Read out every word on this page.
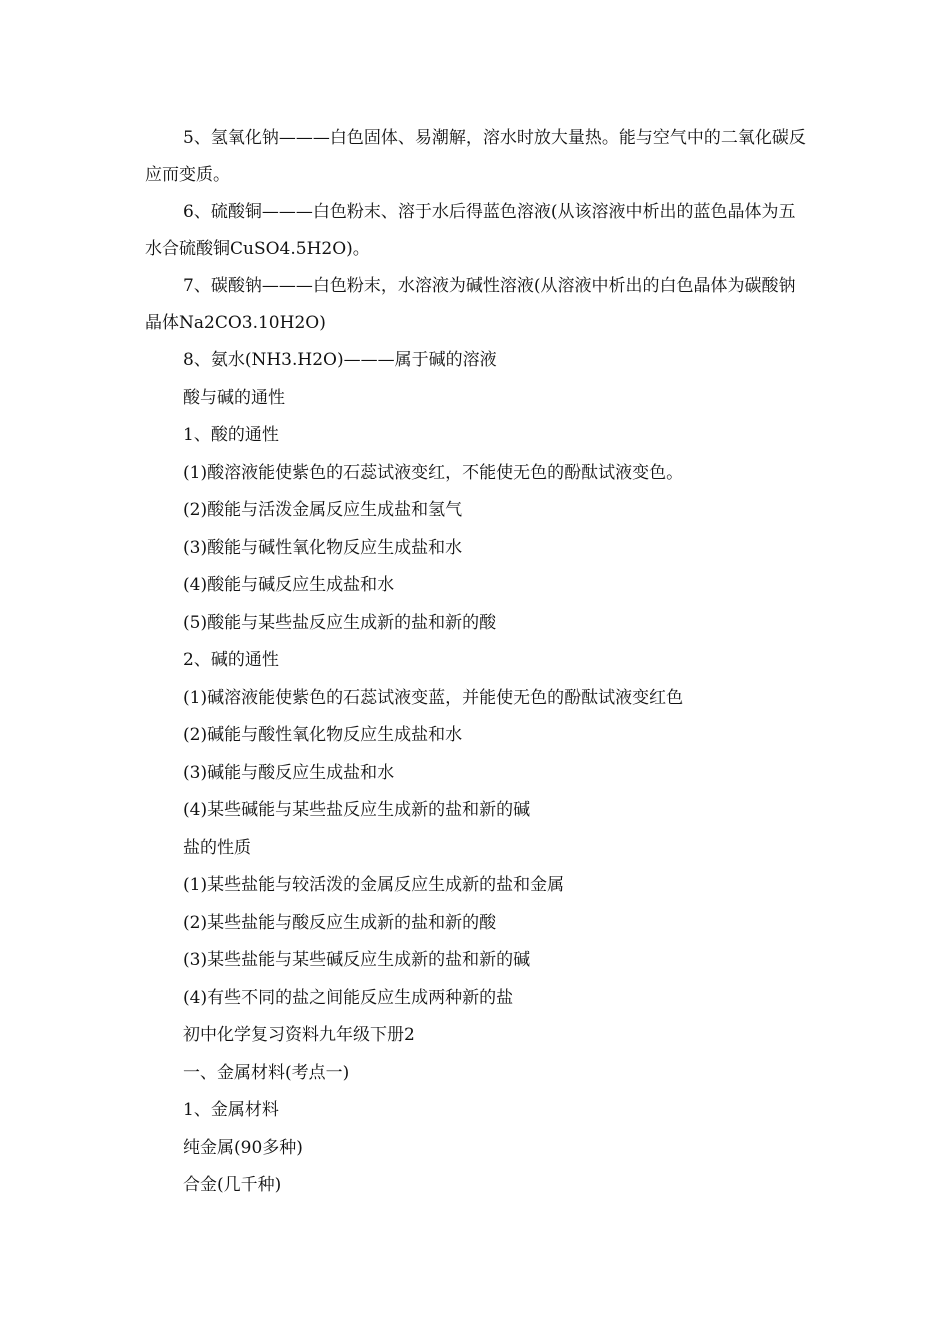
5、氢氧化钠———白色固体、易潮解，溶水时放大量热。能与空气中的二氧化碳反应而变质。

6、硫酸铜———白色粉末、溶于水后得蓝色溶液(从该溶液中析出的蓝色晶体为五水合硫酸铜CuSO4.5H2O)。

7、碳酸钠———白色粉末，水溶液为碱性溶液(从溶液中析出的白色晶体为碳酸钠晶体Na2CO3.10H2O)

8、氨水(NH3.H2O)———属于碱的溶液

酸与碱的通性

1、酸的通性

(1)酸溶液能使紫色的石蕊试液变红，不能使无色的酚酞试液变色。

(2)酸能与活泼金属反应生成盐和氢气

(3)酸能与碱性氧化物反应生成盐和水

(4)酸能与碱反应生成盐和水

(5)酸能与某些盐反应生成新的盐和新的酸

2、碱的通性

(1)碱溶液能使紫色的石蕊试液变蓝，并能使无色的酚酞试液变红色

(2)碱能与酸性氧化物反应生成盐和水

(3)碱能与酸反应生成盐和水

(4)某些碱能与某些盐反应生成新的盐和新的碱

盐的性质

(1)某些盐能与较活泼的金属反应生成新的盐和金属

(2)某些盐能与酸反应生成新的盐和新的酸

(3)某些盐能与某些碱反应生成新的盐和新的碱

(4)有些不同的盐之间能反应生成两种新的盐

初中化学复习资料九年级下册2

一、金属材料(考点一)

1、金属材料

纯金属(90多种)

合金(几千种)
